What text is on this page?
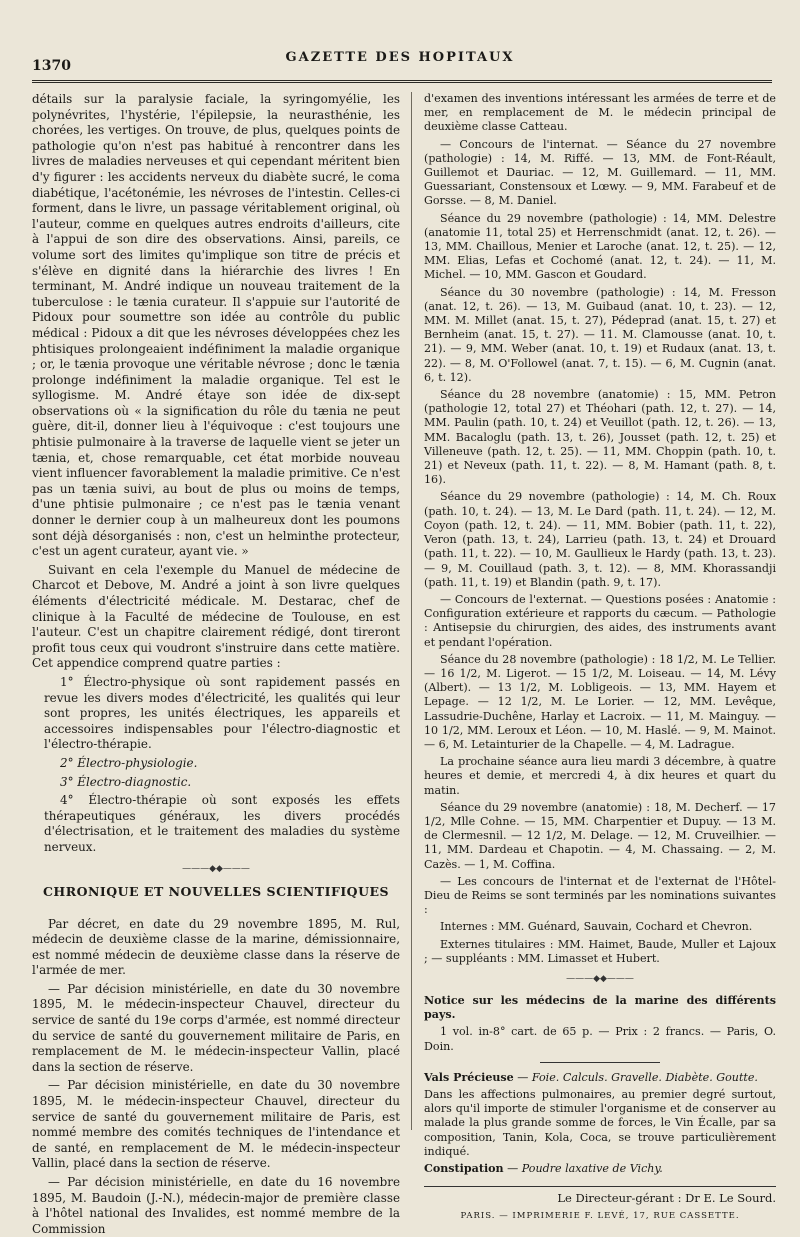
1370
GAZETTE DES HOPITAUX

détails sur la paralysie faciale, la syringomyélie, les polynévrites, l'hystérie, l'épilepsie, la neurasthénie, les chorées, les vertiges. On trouve, de plus, quelques points de pathologie qu'on n'est pas habitué à rencontrer dans les livres de maladies nerveuses et qui cependant méritent bien d'y figurer : les accidents nerveux du diabète sucré, le coma diabétique, l'acétonémie, les névroses de l'intestin. Celles-ci forment, dans le livre, un passage véritablement original, où l'auteur, comme en quelques autres endroits d'ailleurs, cite à l'appui de son dire des observations. Ainsi, pareils, ce volume sort des limites qu'implique son titre de précis et s'élève en dignité dans la hiérarchie des livres ! En terminant, M. André indique un nouveau traitement de la tuberculose : le tænia curateur. Il s'appuie sur l'autorité de Pidoux pour soumettre son idée au contrôle du public médical : Pidoux a dit que les névroses développées chez les phtisiques prolongeaient indéfiniment la maladie organique ; or, le tænia provoque une véritable névrose ; donc le tænia prolonge indéfiniment la maladie organique. Tel est le syllogisme. M. André étaye son idée de dix-sept observations où « la signification du rôle du tænia ne peut guère, dit-il, donner lieu à l'équivoque : c'est toujours une phtisie pulmonaire à la traverse de laquelle vient se jeter un tænia, et, chose remarquable, cet état morbide nouveau vient influencer favorablement la maladie primitive. Ce n'est pas un tænia suivi, au bout de plus ou moins de temps, d'une phtisie pulmonaire ; ce n'est pas le tænia venant donner le dernier coup à un malheureux dont les poumons sont déjà désorganisés : non, c'est un helminthe protecteur, c'est un agent curateur, ayant vie. »

Suivant en cela l'exemple du Manuel de médecine de Charcot et Debove, M. André a joint à son livre quelques éléments d'électricité médicale. M. Destarac, chef de clinique à la Faculté de médecine de Toulouse, en est l'auteur. C'est un chapitre clairement rédigé, dont tireront profit tous ceux qui voudront s'instruire dans cette matière. Cet appendice comprend quatre parties :

1° Électro-physique où sont rapidement passés en revue les divers modes d'électricité, les qualités qui leur sont propres, les unités électriques, les appareils et accessoires indispensables pour l'électro-diagnostic et l'électro-thérapie.

2° Électro-physiologie.

3° Électro-diagnostic.

4° Électro-thérapie où sont exposés les effets thérapeutiques généraux, les divers procédés d'électrisation, et le traitement des maladies du système nerveux.

———◆◆———
CHRONIQUE ET NOUVELLES SCIENTIFIQUES

Par décret, en date du 29 novembre 1895, M. Rul, médecin de deuxième classe de la marine, démissionnaire, est nommé médecin de deuxième classe dans la réserve de l'armée de mer.

— Par décision ministérielle, en date du 30 novembre 1895, M. le médecin-inspecteur Chauvel, directeur du service de santé du 19e corps d'armée, est nommé directeur du service de santé du gouvernement militaire de Paris, en remplacement de M. le médecin-inspecteur Vallin, placé dans la section de réserve.

— Par décision ministérielle, en date du 30 novembre 1895, M. le médecin-inspecteur Chauvel, directeur du service de santé du gouvernement militaire de Paris, est nommé membre des comités techniques de l'intendance et de santé, en remplacement de M. le médecin-inspecteur Vallin, placé dans la section de réserve.

— Par décision ministérielle, en date du 16 novembre 1895, M. Baudoin (J.-N.), médecin-major de première classe à l'hôtel national des Invalides, est nommé membre de la Commission

d'examen des inventions intéressant les armées de terre et de mer, en remplacement de M. le médecin principal de deuxième classe Catteau.

— Concours de l'internat. — Séance du 27 novembre (pathologie) : 14, M. Riffé. — 13, MM. de Font-Réault, Guillemot et Dauriac. — 12, M. Guillemard. — 11, MM. Guessariant, Constensoux et Lœwy. — 9, MM. Farabeuf et de Gorsse. — 8, M. Daniel.

Séance du 29 novembre (pathologie) : 14, MM. Delestre (anatomie 11, total 25) et Herrenschmidt (anat. 12, t. 26). — 13, MM. Chaillous, Menier et Laroche (anat. 12, t. 25). — 12, MM. Elias, Lefas et Cochomé (anat. 12, t. 24). — 11, M. Michel. — 10, MM. Gascon et Goudard.

Séance du 30 novembre (pathologie) : 14, M. Fresson (anat. 12, t. 26). — 13, M. Guibaud (anat. 10, t. 23). — 12, MM. M. Millet (anat. 15, t. 27), Pédeprad (anat. 15, t. 27) et Bernheim (anat. 15, t. 27). — 11. M. Clamousse (anat. 10, t. 21). — 9, MM. Weber (anat. 10, t. 19) et Rudaux (anat. 13, t. 22). — 8, M. O'Followel (anat. 7, t. 15). — 6, M. Cugnin (anat. 6, t. 12).

Séance du 28 novembre (anatomie) : 15, MM. Petron (pathologie 12, total 27) et Théohari (path. 12, t. 27). — 14, MM. Paulin (path. 10, t. 24) et Veuillot (path. 12, t. 26). — 13, MM. Bacaloglu (path. 13, t. 26), Jousset (path. 12, t. 25) et Villeneuve (path. 12, t. 25). — 11, MM. Choppin (path. 10, t. 21) et Neveux (path. 11, t. 22). — 8, M. Hamant (path. 8, t. 16).

Séance du 29 novembre (pathologie) : 14, M. Ch. Roux (path. 10, t. 24). — 13, M. Le Dard (path. 11, t. 24). — 12, M. Coyon (path. 12, t. 24). — 11, MM. Bobier (path. 11, t. 22), Veron (path. 13, t. 24), Larrieu (path. 13, t. 24) et Drouard (path. 11, t. 22). — 10, M. Gaullieux le Hardy (path. 13, t. 23). — 9, M. Couillaud (path. 3, t. 12). — 8, MM. Khorassandji (path. 11, t. 19) et Blandin (path. 9, t. 17).

— Concours de l'externat. — Questions posées : Anatomie : Configuration extérieure et rapports du cæcum. — Pathologie : Antisepsie du chirurgien, des aides, des instruments avant et pendant l'opération.

Séance du 28 novembre (pathologie) : 18 1/2, M. Le Tellier. — 16 1/2, M. Ligerot. — 15 1/2, M. Loiseau. — 14, M. Lévy (Albert). — 13 1/2, M. Lobligeois. — 13, MM. Hayem et Lepage. — 12 1/2, M. Le Lorier. — 12, MM. Levêque, Lassudrie-Duchêne, Harlay et Lacroix. — 11, M. Mainguy. — 10 1/2, MM. Leroux et Léon. — 10, M. Haslé. — 9, M. Mainot. — 6, M. Letainturier de la Chapelle. — 4, M. Ladrague.

La prochaine séance aura lieu mardi 3 décembre, à quatre heures et demie, et mercredi 4, à dix heures et quart du matin.

Séance du 29 novembre (anatomie) : 18, M. Decherf. — 17 1/2, Mlle Cohne. — 15, MM. Charpentier et Dupuy. — 13 M. de Clermesnil. — 12 1/2, M. Delage. — 12, M. Cruveilhier. — 11, MM. Dardeau et Chapotin. — 4, M. Chassaing. — 2, M. Cazès. — 1, M. Coffina.

— Les concours de l'internat et de l'externat de l'Hôtel-Dieu de Reims se sont terminés par les nominations suivantes :

Internes : MM. Guénard, Sauvain, Cochard et Chevron.

Externes titulaires : MM. Haimet, Baude, Muller et Lajoux ; — suppléants : MM. Limasset et Hubert.

———◆◆———

Notice sur les médecins de la marine des différents pays.

1 vol. in-8° cart. de 65 p. — Prix : 2 francs. — Paris, O. Doin.

Vals Précieuse — Foie. Calculs. Gravelle. Diabète. Goutte.

Dans les affections pulmonaires, au premier degré surtout, alors qu'il importe de stimuler l'organisme et de conserver au malade la plus grande somme de forces, le Vin Écalle, par sa composition, Tanin, Kola, Coca, se trouve particulièrement indiqué.

Constipation — Poudre laxative de Vichy.

Le Directeur-gérant : Dr E. Le Sourd.
PARIS. — IMPRIMERIE F. LEVÉ, 17, RUE CASSETTE.
